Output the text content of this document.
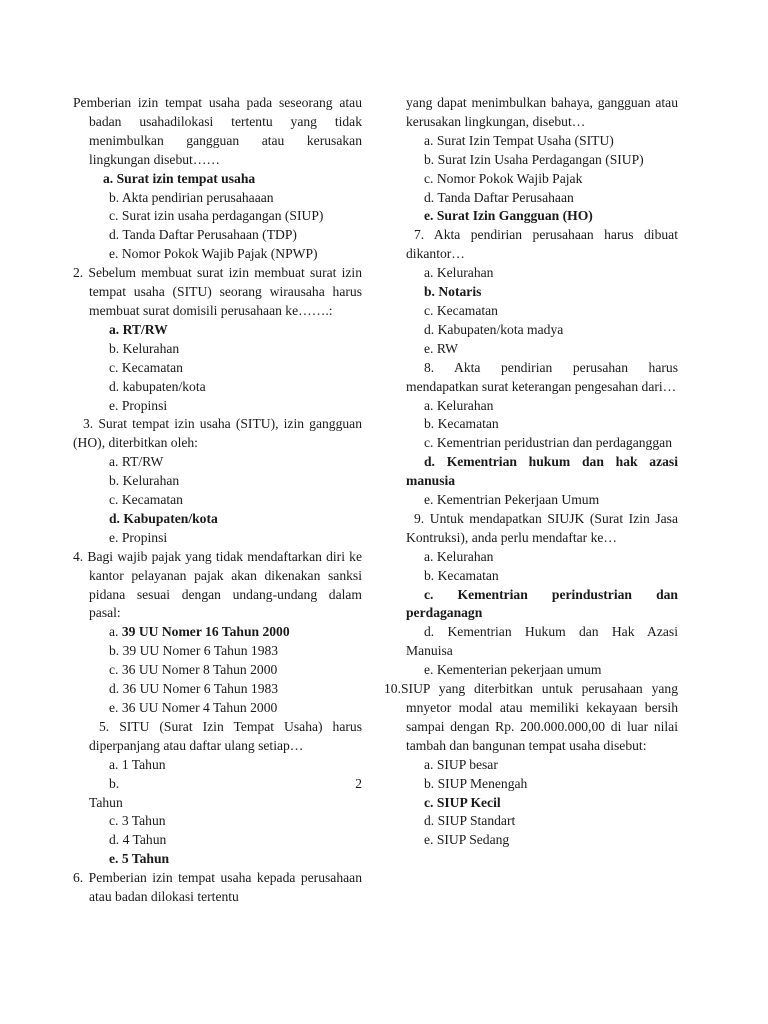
Pemberian izin tempat usaha pada seseorang atau badan usahadilokasi tertentu yang tidak menimbulkan gangguan atau kerusakan lingkungan disebut……

a. Surat izin tempat usaha

b. Akta pendirian perusahaaan

c. Surat izin usaha perdagangan (SIUP)

d. Tanda Daftar Perusahaan (TDP)

e. Nomor Pokok Wajib Pajak (NPWP)

2. Sebelum membuat surat izin membuat surat izin tempat usaha (SITU) seorang wirausaha harus membuat surat domisili perusahaan ke…….:

a. RT/RW

b. Kelurahan

c. Kecamatan

d. kabupaten/kota

e. Propinsi

3. Surat tempat izin usaha (SITU), izin gangguan (HO), diterbitkan oleh:

a. RT/RW

b. Kelurahan

c. Kecamatan

d. Kabupaten/kota

e. Propinsi

4. Bagi wajib pajak yang tidak mendaftarkan diri ke kantor pelayanan pajak akan dikenakan sanksi pidana sesuai dengan undang-undang dalam pasal:

a. 39 UU Nomer 16 Tahun 2000

b. 39 UU Nomer 6 Tahun 1983

c. 36 UU Nomer 8 Tahun 2000

d. 36 UU Nomer 6 Tahun 1983

e. 36 UU Nomer 4 Tahun 2000

5. SITU (Surat Izin Tempat Usaha) harus diperpanjang atau daftar ulang setiap…

a. 1 Tahun

b.	2

Tahun

c. 3 Tahun

d. 4 Tahun

e. 5 Tahun

6. Pemberian izin tempat usaha kepada perusahaan atau badan dilokasi tertentu

yang dapat menimbulkan bahaya, gangguan atau kerusakan lingkungan, disebut…

a. Surat Izin Tempat Usaha (SITU)

b. Surat Izin Usaha Perdagangan (SIUP)

c. Nomor Pokok Wajib Pajak

d. Tanda Daftar Perusahaan

e. Surat Izin Gangguan (HO)

7. Akta pendirian perusahaan harus dibuat dikantor…

a. Kelurahan

b. Notaris

c. Kecamatan

d. Kabupaten/kota madya

e. RW

8. Akta pendirian perusahan harus mendapatkan surat keterangan pengesahan dari…

a. Kelurahan

b. Kecamatan

c. Kementrian peridustrian dan perdaganggan

d. Kementrian hukum dan hak azasi manusia

e. Kementrian Pekerjaan Umum

9. Untuk mendapatkan SIUJK (Surat Izin Jasa Kontruksi), anda perlu mendaftar ke…

a. Kelurahan

b. Kecamatan

c. Kementrian perindustrian dan perdaganagn

d. Kementrian Hukum dan Hak Azasi Manuisa

e. Kementerian pekerjaan umum

10.SIUP yang diterbitkan untuk perusahaan yang mnyetor modal atau memiliki kekayaan bersih sampai dengan Rp. 200.000.000,00 di luar nilai tambah dan bangunan tempat usaha disebut:

a. SIUP besar

b. SIUP Menengah

c. SIUP Kecil

d. SIUP Standart

e. SIUP Sedang
